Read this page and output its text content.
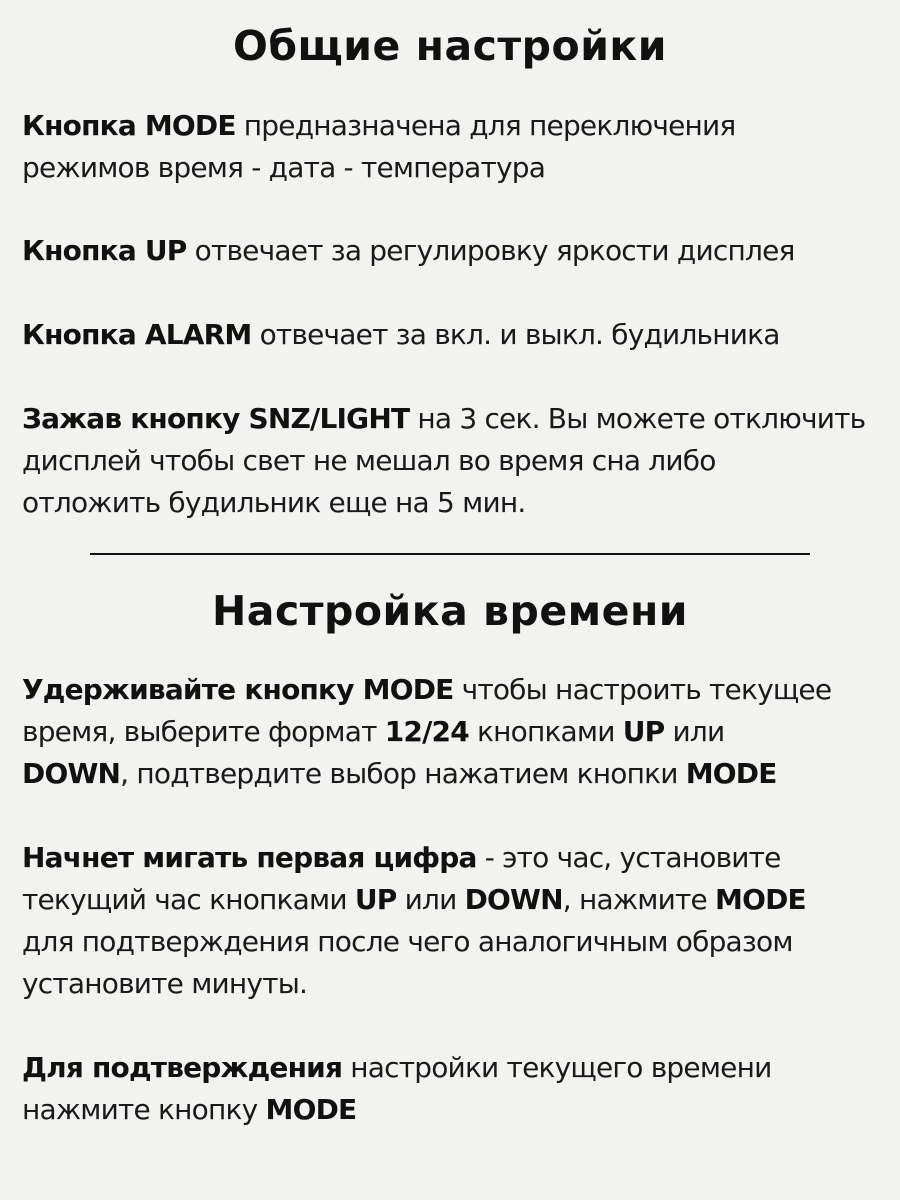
Общие настройки

Кнопка MODE предназначена для переключения
режимов время - дата - температура

Кнопка UP отвечает за регулировку яркости дисплея

Кнопка ALARM отвечает за вкл. и выкл. будильника

Зажав кнопку SNZ/LIGHT на 3 сек. Вы можете отключить
дисплей чтобы свет не мешал во время сна либо
отложить будильник еще на 5 мин.

Настройка времени

Удерживайте кнопку MODE чтобы настроить текущее
время, выберите формат 12/24 кнопками UP или
DOWN, подтвердите выбор нажатием кнопки MODE

Начнет мигать первая цифра - это час, установите
текущий час кнопками UP или DOWN, нажмите MODE
для подтверждения после чего аналогичным образом
установите минуты.

Для подтверждения настройки текущего времени
нажмите кнопку MODE
